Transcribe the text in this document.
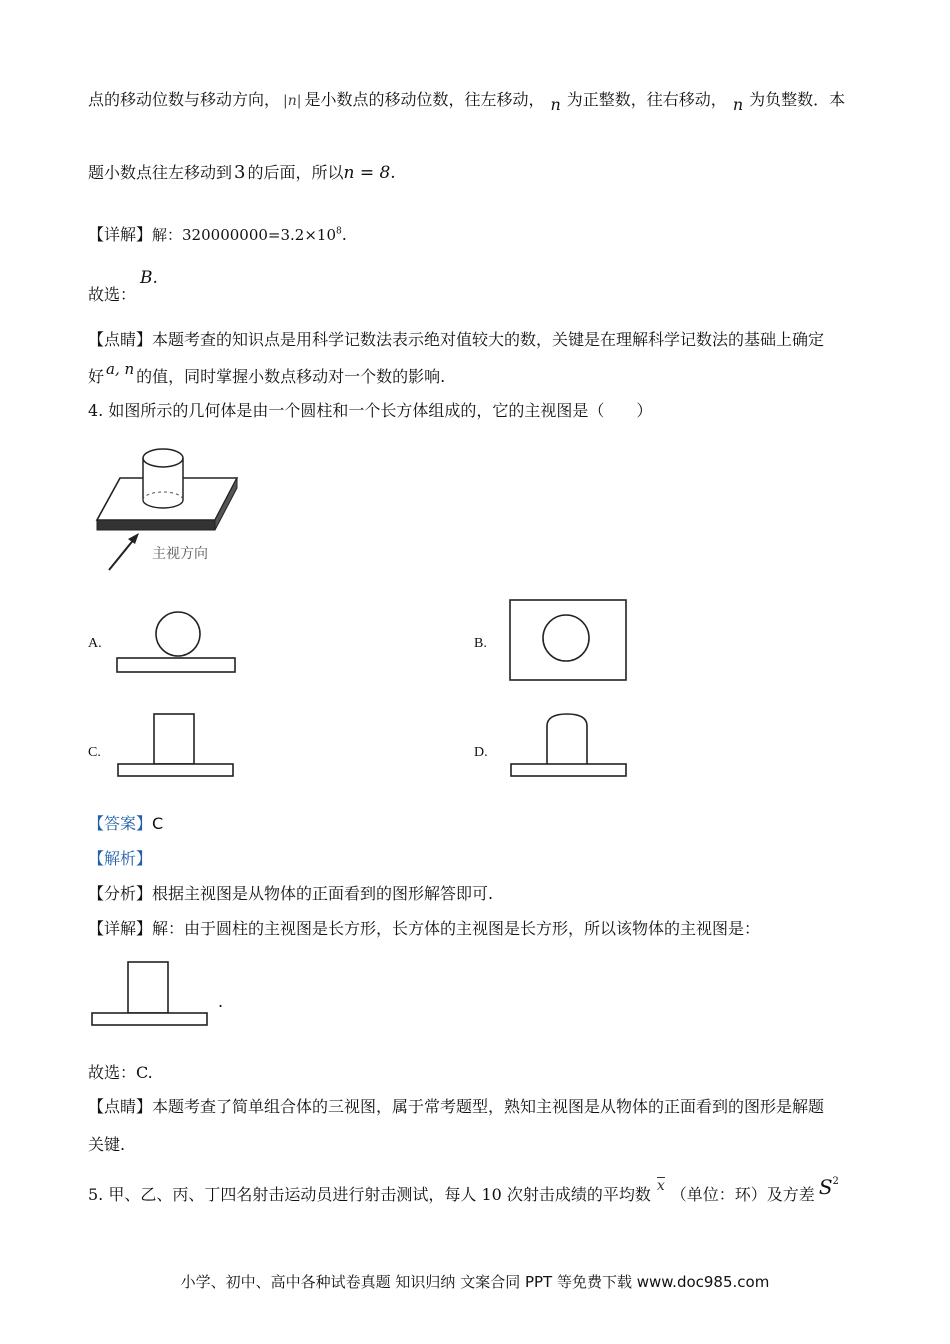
点的移动位数与移动方向， |n| 是小数点的移动位数，往左移动， n 为正整数，往右移动， n 为负整数．本
题小数点往左移动到 3 的后面，所以n = 8.
【详解】解：$320000000=3.2\times 10^8$.
故选：
B.
【点睛】本题考查的知识点是用科学记数法表示绝对值较大的数，关键是在理解科学记数法的基础上确定
好 a, n 的值，同时掌握小数点移动对一个数的影响.
4. 如图所示的几何体是由一个圆柱和一个长方体组成的，它的主视图是（　　）
主视方向
A.	B.
C.	D.
【答案】C
【解析】
【分析】根据主视图是从物体的正面看到的图形解答即可.
【详解】解：由于圆柱的主视图是长方形，长方体的主视图是长方形，所以该物体的主视图是：
.
故选：C.
【点睛】本题考查了简单组合体的三视图，属于常考题型，熟知主视图是从物体的正面看到的图形是解题
关键.
5. 甲、乙、丙、丁四名射击运动员进行射击测试，每人 10 次射击成绩的平均数 x （单位：环）及方差 $S^2$
小学、初中、高中各种试卷真题 知识归纳 文案合同 PPT 等免费下载 www.doc985.com
